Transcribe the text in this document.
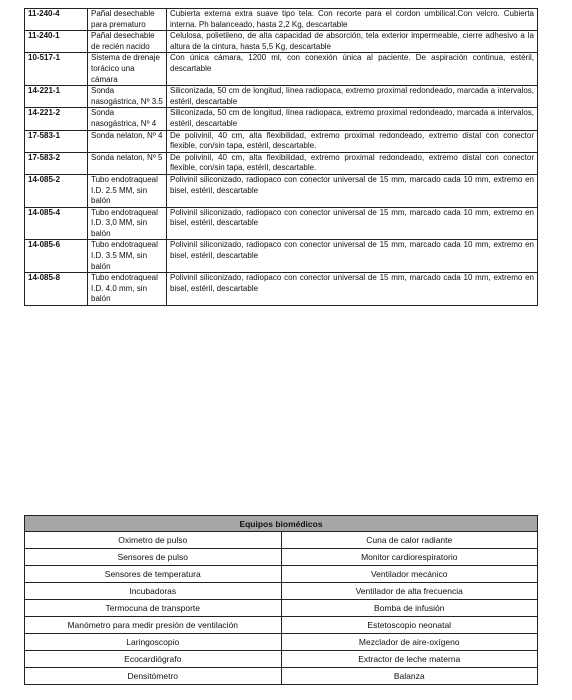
11-240-4	Pañal desechable para prematuro	Cubierta externa extra suave tipo tela. Con recorte para el cordon umbilical.Con velcro. Cubierta interna. Ph balanceado, hasta 2,2 Kg, descartable
11-240-1	Pañal desechable de recién nacido	Celulosa, polietileno, de alta capacidad de absorción, tela exterior impermeable, cierre adhesivo a la altura de la cintura, hasta 5,5 Kg, descartable
10-517-1	Sistema de drenaje torácico una cámara	Con única cámara, 1200 ml, con conexión única al paciente. De aspiración continua, estéril, descartable
14-221-1	Sonda nasogástrica, Nº 3.5	Siliconizada, 50 cm de longitud, línea radiopaca, extremo proximal redondeado, marcada a intervalos, estéril, descartable
14-221-2	Sonda nasogástrica, Nº 4	Siliconizada, 50 cm de longitud, línea radiopaca, extremo proximal redondeado, marcada a intervalos, estéril, descartable
17-583-1	Sonda nelaton, Nº 4	De polivinil, 40 cm, alta flexibilidad, extremo proximal redondeado, extremo distal con conector flexible, con/sin tapa, estéril, descartable.
17-583-2	Sonda nelaton, Nº 5	De polivinil, 40 cm, alta flexibilidad, extremo proximal redondeado, extremo distal con conector flexible, con/sin tapa, estéril, descartable.
14-085-2	Tubo endotraqueal I.D. 2.5 MM, sin balón	Polivinil siliconizado, radiopaco con conector universal de 15 mm, marcado cada 10 mm, extremo en bisel, estéril, descartable
14-085-4	Tubo endotraqueal I.D. 3,0 MM, sin balón	Polivinil siliconizado, radiopaco con conector universal de 15 mm, marcado cada 10 mm, extremo en bisel, estéril, descartable
14-085-6	Tubo endotraqueal I.D. 3.5 MM, sin balón	Polivinil siliconizado, radiopaco con conector universal de 15 mm, marcado cada 10 mm, extremo en bisel, estéril, descartable
14-085-8	Tubo endotraqueal I.D. 4.0 mm, sin balón	Polivinil siliconizado, radiopaco con conector universal de 15 mm, marcado cada 10 mm, extremo en bisel, estéril, descartable
Equipos biomédicos	
Oximetro de pulso	Cuna de calor radiante
Sensores de pulso	Monitor cardiorespiratorio
Sensores de temperatura	Ventilador mecánico
Incubadoras	Ventilador de alta frecuencia
Termocuna de transporte	Bomba de infusión
Manómetro para medir presión de ventilación	Estetoscopio neonatal
Laringoscopio	Mezclador de aire-oxígeno
Ecocardiógrafo	Extractor de leche materna
Densitómetro	Balanza
